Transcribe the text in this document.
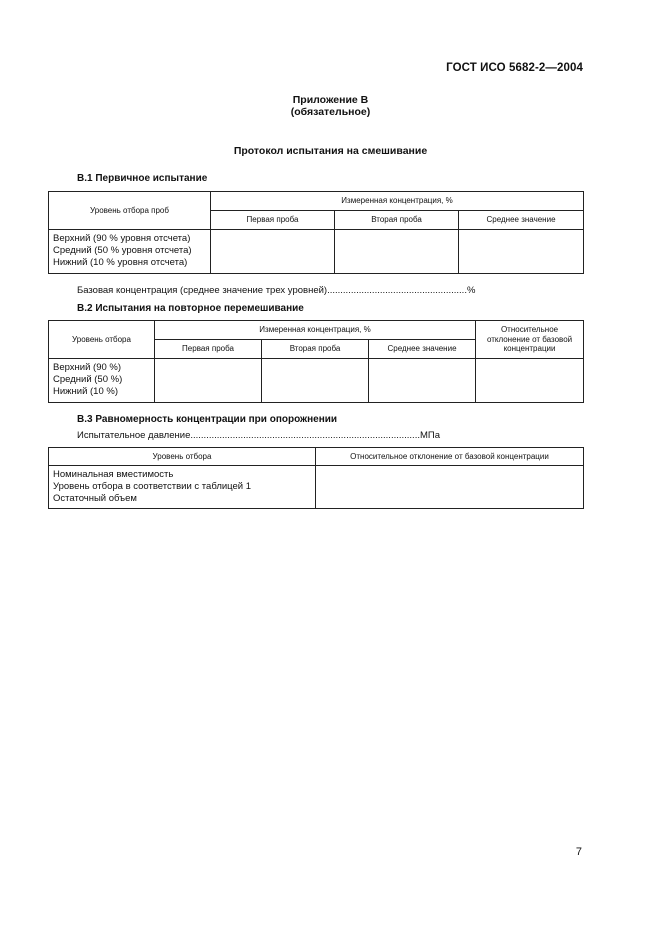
ГОСТ ИСО 5682-2—2004
Приложение В
(обязательное)
Протокол испытания на смешивание
В.1 Первичное испытание
Уровень отбора проб	Измеренная концентрация, %		
	Первая проба	Вторая проба	Среднее значение

Верхний (90 % уровня отсчета)
Средний (50 % уровня отсчета)
Нижний (10 % уровня отсчета)			

Базовая концентрация (среднее значение трех уровней).....................................................%
В.2 Испытания на повторное перемешивание
Уровень отбора	Измеренная концентрация, %			Относительное
отклонение от базовой
концентрации

	Первая проба	Вторая проба	Среднее значение	

Верхний (90 %)
Средний (50 %)
Нижний (10 %)				

В.3 Равномерность концентрации при опорожнении
Испытательное давление.......................................................................................МПа
Уровень отбора	Относительное отклонение от базовой концентрации

Номинальная вместимость
Уровень отбора в соответствии с таблицей 1
Остаточный объем	

7
